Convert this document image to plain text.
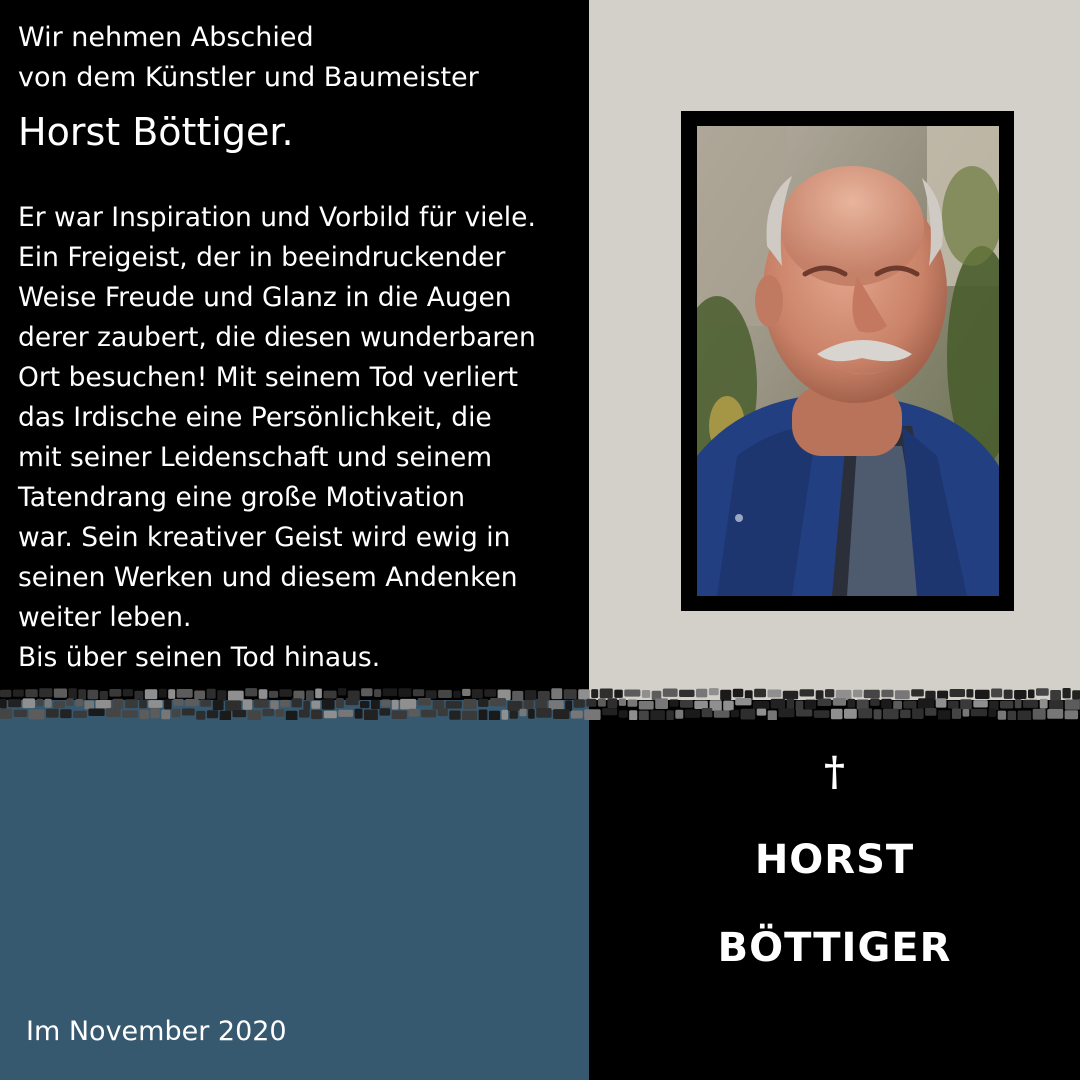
Wir nehmen Abschied
von dem Künstler und Baumeister
Horst Böttiger.
Er war Inspiration und Vorbild für viele.
Ein Freigeist, der in beeindruckender
Weise Freude und Glanz in die Augen
derer zaubert, die diesen wunderbaren
Ort besuchen! Mit seinem Tod verliert
das Irdische eine Persönlichkeit, die
mit seiner Leidenschaft und seinem
Tatendrang eine große Motivation
war. Sein kreativer Geist wird ewig in
seinen Werken und diesem Andenken
weiter leben.
Bis über seinen Tod hinaus.
Im November 2020
†
HORST
BÖTTIGER
